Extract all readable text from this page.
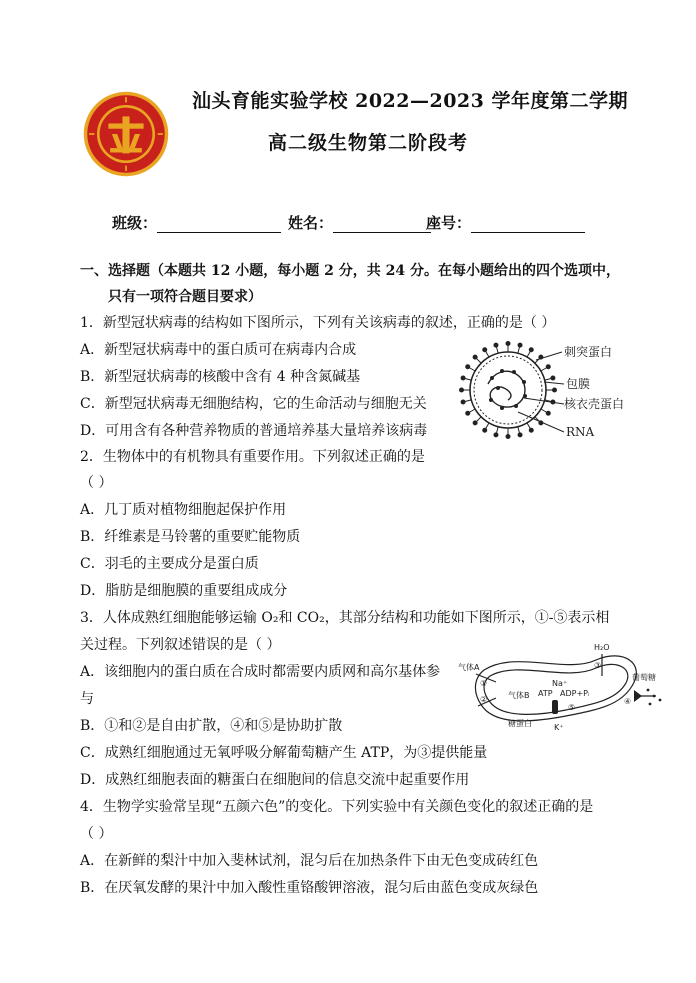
汕头育能实验学校 2022—2023 学年度第二学期
高二级生物第二阶段考
班级：	姓名：	座号：
一、选择题（本题共 12 小题，每小题 2 分，共 24 分。在每小题给出的四个选项中，
只有一项符合题目要求）
1．新型冠状病毒的结构如下图所示，下列有关该病毒的叙述，正确的是（ ）
A．新型冠状病毒中的蛋白质可在病毒内合成
B．新型冠状病毒的核酸中含有 4 种含氮碱基
C．新型冠状病毒无细胞结构，它的生命活动与细胞无关
D．可用含有各种营养物质的普通培养基大量培养该病毒
刺突蛋白
包膜
核衣壳蛋白
RNA
2．生物体中的有机物具有重要作用。下列叙述正确的是
（ ）
A．几丁质对植物细胞起保护作用
B．纤维素是马铃薯的重要贮能物质
C．羽毛的主要成分是蛋白质
D．脂肪是细胞膜的重要组成成分
3．人体成熟红细胞能够运输 O₂和 CO₂，其部分结构和功能如下图所示，①-⑤表示相
关过程。下列叙述错误的是（ ）
A．该细胞内的蛋白质在合成时都需要内质网和高尔基体参
与
B．①和②是自由扩散，④和⑤是协助扩散
C．成熟红细胞通过无氧呼吸分解葡萄糖产生 ATP，为③提供能量
D．成熟红细胞表面的糖蛋白在细胞间的信息交流中起重要作用
气体A
气体B
H₂O
ATP
Na⁺
ADP+Pᵢ
葡萄糖
糖蛋白	K⁺
①
②
③
④
⑤
4．生物学实验常呈现“五颜六色”的变化。下列实验中有关颜色变化的叙述正确的是
（ ）
A．在新鲜的梨汁中加入斐林试剂，混匀后在加热条件下由无色变成砖红色
B．在厌氧发酵的果汁中加入酸性重铬酸钾溶液，混匀后由蓝色变成灰绿色
